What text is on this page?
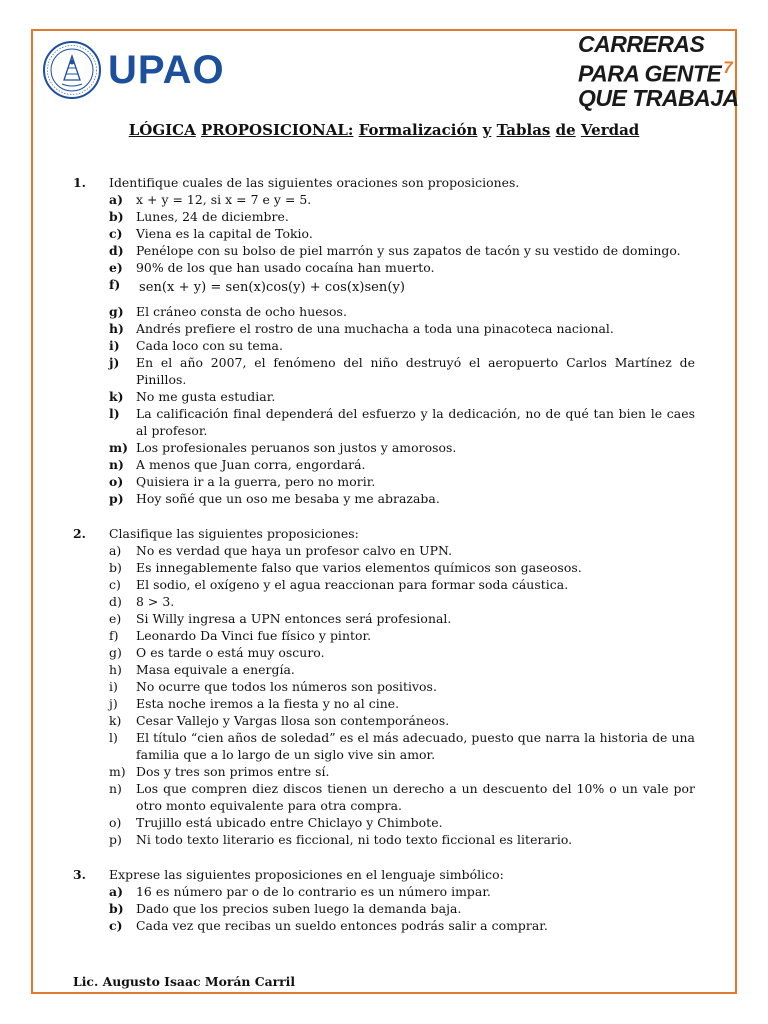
UPAO
CARRERAS
PARA GENTE $^7$
QUE TRABAJA
LÓGICA PROPOSICIONAL: Formalización y Tablas de Verdad
1. Identifique cuales de las siguientes oraciones son proposiciones.
a) x + y = 12, si x = 7 e y = 5.
b) Lunes, 24 de diciembre.
c) Viena es la capital de Tokio.
d) Penélope con su bolso de piel marrón y sus zapatos de tacón y su vestido de domingo.
e) 90% de los que han usado cocaína han muerto.
f) sen(x + y) = sen(x)cos(y) + cos(x)sen(y)
g) El cráneo consta de ocho huesos.
h) Andrés prefiere el rostro de una muchacha a toda una pinacoteca nacional.
i) Cada loco con su tema.
j) En el año 2007, el fenómeno del niño destruyó el aeropuerto Carlos Martínez de Pinillos.
k) No me gusta estudiar.
l) La calificación final dependerá del esfuerzo y la dedicación, no de qué tan bien le caes al profesor.
m) Los profesionales peruanos son justos y amorosos.
n) A menos que Juan corra, engordará.
o) Quisiera ir a la guerra, pero no morir.
p) Hoy soñé que un oso me besaba y me abrazaba.
2. Clasifique las siguientes proposiciones:
a) No es verdad que haya un profesor calvo en UPN.
b) Es innegablemente falso que varios elementos químicos son gaseosos.
c) El sodio, el oxígeno y el agua reaccionan para formar soda cáustica.
d) 8 > 3.
e) Si Willy ingresa a UPN entonces será profesional.
f) Leonardo Da Vinci fue físico y pintor.
g) O es tarde o está muy oscuro.
h) Masa equivale a energía.
i) No ocurre que todos los números son positivos.
j) Esta noche iremos a la fiesta y no al cine.
k) Cesar Vallejo y Vargas llosa son contemporáneos.
l) El título “cien años de soledad” es el más adecuado, puesto que narra la historia de una familia que a lo largo de un siglo vive sin amor.
m) Dos y tres son primos entre sí.
n) Los que compren diez discos tienen un derecho a un descuento del 10% o un vale por otro monto equivalente para otra compra.
o) Trujillo está ubicado entre Chiclayo y Chimbote.
p) Ni todo texto literario es ficcional, ni todo texto ficcional es literario.
3. Exprese las siguientes proposiciones en el lenguaje simbólico:
a) 16 es número par o de lo contrario es un número impar.
b) Dado que los precios suben luego la demanda baja.
c) Cada vez que recibas un sueldo entonces podrás salir a comprar.
Lic. Augusto Isaac Morán Carril
